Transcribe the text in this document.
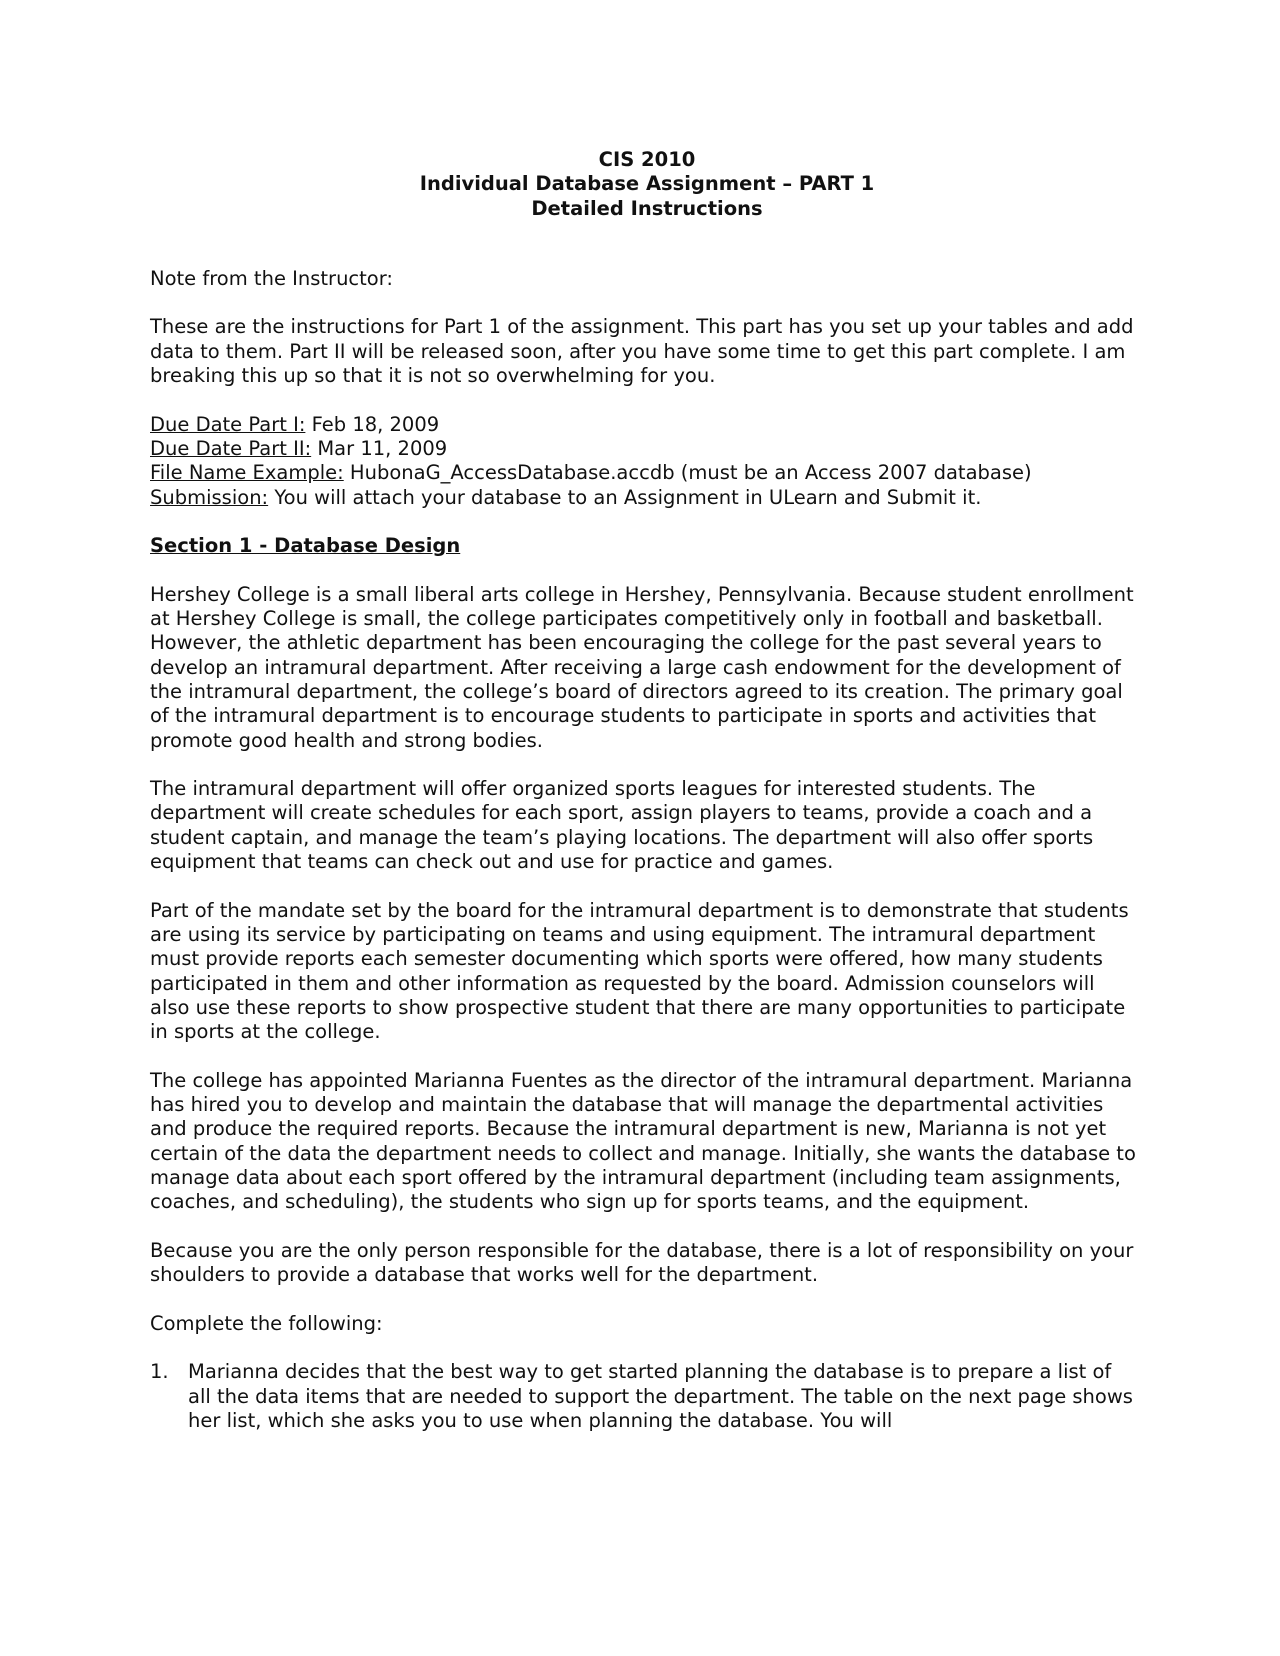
CIS 2010
Individual Database Assignment – PART 1
Detailed Instructions

Note from the Instructor:

These are the instructions for Part 1 of the assignment. This part has you set up your tables and add data to them. Part II will be released soon, after you have some time to get this part complete. I am breaking this up so that it is not so overwhelming for you.

Due Date Part I: Feb 18, 2009
Due Date Part II: Mar 11, 2009
File Name Example: HubonaG_AccessDatabase.accdb (must be an Access 2007 database)
Submission: You will attach your database to an Assignment in ULearn and Submit it.
Section 1 - Database Design

Hershey College is a small liberal arts college in Hershey, Pennsylvania. Because student enrollment at Hershey College is small, the college participates competitively only in football and basketball. However, the athletic department has been encouraging the college for the past several years to develop an intramural department. After receiving a large cash endowment for the development of the intramural department, the college’s board of directors agreed to its creation. The primary goal of the intramural department is to encourage students to participate in sports and activities that promote good health and strong bodies.

The intramural department will offer organized sports leagues for interested students. The department will create schedules for each sport, assign players to teams, provide a coach and a student captain, and manage the team’s playing locations. The department will also offer sports equipment that teams can check out and use for practice and games.

Part of the mandate set by the board for the intramural department is to demonstrate that students are using its service by participating on teams and using equipment. The intramural department must provide reports each semester documenting which sports were offered, how many students participated in them and other information as requested by the board. Admission counselors will also use these reports to show prospective student that there are many opportunities to participate in sports at the college.

The college has appointed Marianna Fuentes as the director of the intramural department. Marianna has hired you to develop and maintain the database that will manage the departmental activities and produce the required reports. Because the intramural department is new, Marianna is not yet certain of the data the department needs to collect and manage. Initially, she wants the database to manage data about each sport offered by the intramural department (including team assignments, coaches, and scheduling), the students who sign up for sports teams, and the equipment.

Because you are the only person responsible for the database, there is a lot of responsibility on your shoulders to provide a database that works well for the department.

Complete the following:

1. Marianna decides that the best way to get started planning the database is to prepare a list of all the data items that are needed to support the department. The table on the next page shows her list, which she asks you to use when planning the database. You will
